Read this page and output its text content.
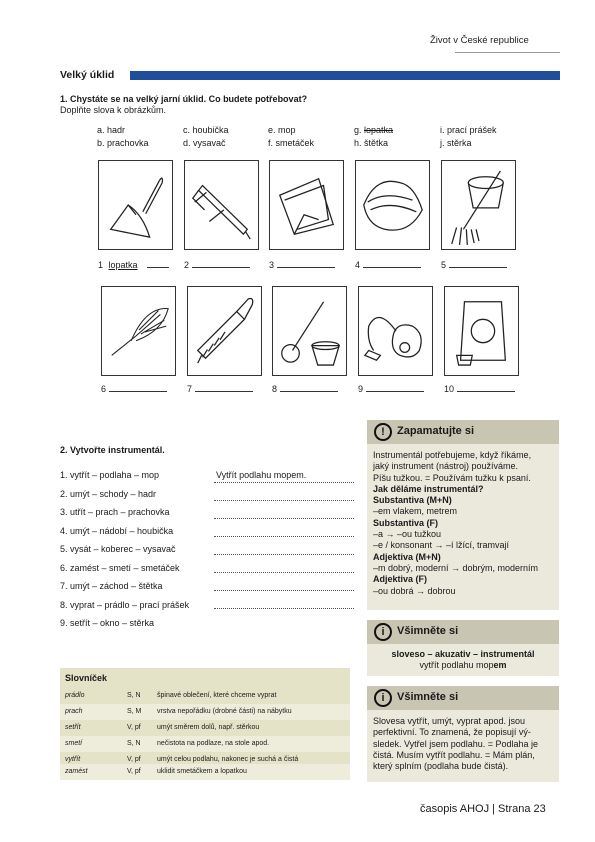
Život v České republice
Velký úklid
1. Chystáte se na velký jarní úklid. Co budete potřebovat?
Doplňte slova k obrázkům.
a. hadr
b. prachovka
c. houbička
d. vysavač
e. mop
f. smetáček
g. lopatka
h. štětka
i. prací prášek
j. stěrka
1 lopatka	2	3	4	5
6	7	8	9	10
2. Vytvořte instrumentál.
1. vytřít – podlaha – mop
2. umýt – schody – hadr
3. utřít – prach – prachovka
4. umýt – nádobí – houbička
5. vysát – koberec – vysavač
6. zamést – smetí – smetáček
7. umýt – záchod – štětka
8. vyprat – prádlo – prací prášek
9. setřít – okno – stěrka
Vytřít podlahu mopem.
!	Zapamatujte si
Instrumentál potřebujeme, když říkáme,
jaký instrument (nástroj) používáme.
Píšu tužkou. = Používám tužku k psaní.
Jak děláme instrumentál?
Substantiva (M+N)
–em vlakem, metrem
Substantiva (F)
–a → –ou tužkou
–e / konsonant → –í lžící, tramvají
Adjektiva (M+N)
–m dobrý, moderní → dobrým, moderním
Adjektiva (F)
–ou dobrá → dobrou
i	Všimněte si
sloveso – akuzativ – instrumentál
vytřít podlahu mopem
i	Všimněte si
Slovesa vytřít, umýt, vyprat apod. jsou
perfektivní. To znamená, že popisují vý-
sledek. Vytřel jsem podlahu. = Podlaha je
čistá. Musím vytřít podlahu. = Mám plán,
který splním (podlaha bude čistá).
Slovníček
prádlo	S, N špinavé oblečení, které chceme vyprat
prach	S, M vrstva nepořádku (drobné části) na nábytku
setřít	V, pf umýt směrem dolů, např. stěrkou
smetí	S, N nečistota na podlaze, na stole apod.
vytřít	V, pf umýt celou podlahu, nakonec je suchá a čistá
zamést	V, pf uklidit smetáčkem a lopatkou
časopis AHOJ | Strana 23
